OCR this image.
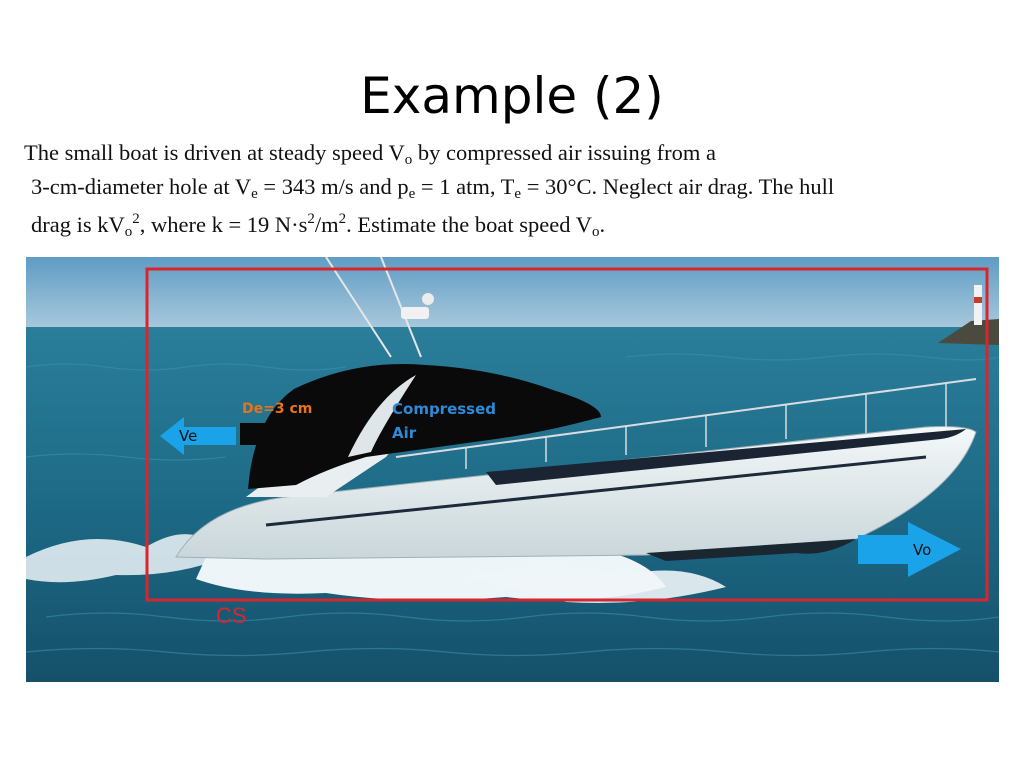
Example (2)
The small boat is driven at steady speed $V_o$ by compressed air issuing from a
3-cm-diameter hole at $V_e = 343$ m/s and $p_e = 1$ atm, $T_e = 30^\circ C$. Neglect air drag. The hull
drag is $kV_o^2$, where k = 19 $N\cdot s^2/m^2$. Estimate the boat speed $V_o$.
Ve
Vo
De=3 cm	Compressed
Air
CS
